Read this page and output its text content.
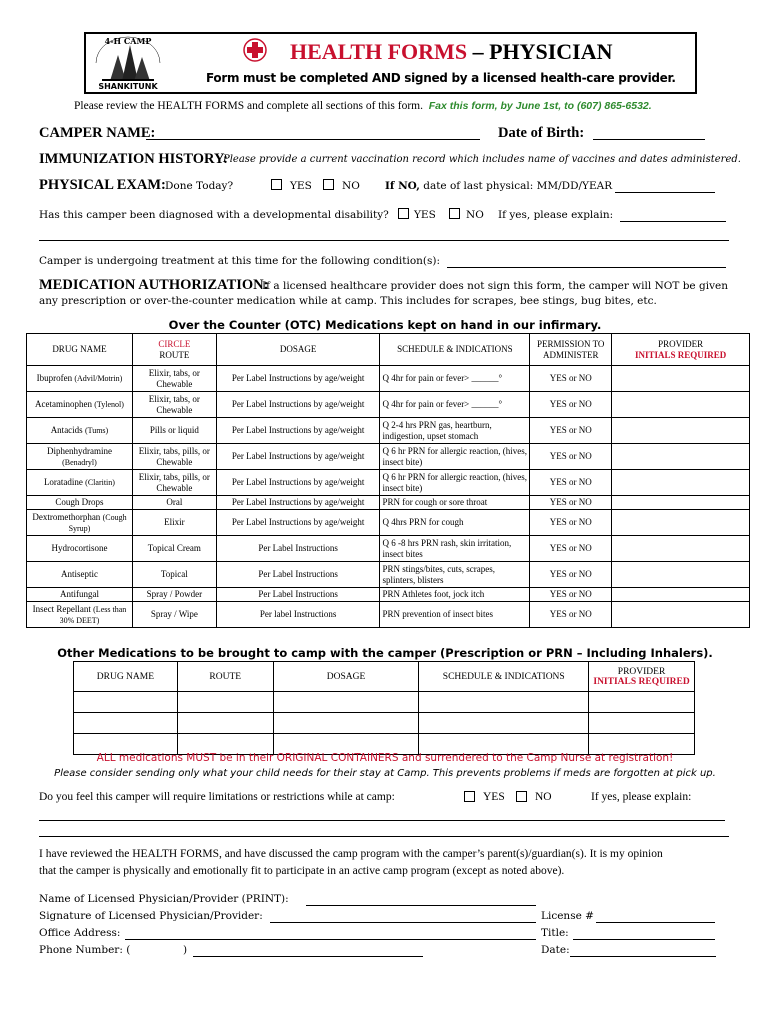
4-H CAMP
SHANKITUNK
HEALTH FORMS – PHYSICIAN
Form must be completed AND signed by a licensed health-care provider.
Please review the HEALTH FORMS and complete all sections of this form. Fax this form, by June 1st, to (607) 865-6532.
CAMPER NAME:	Date of Birth:
IMMUNIZATION HISTORY:
Please provide a current vaccination record which includes name of vaccines and dates administered.
PHYSICAL EXAM: Done Today?	YES	NO If NO, date of last physical: MM/DD/YEAR
Has this camper been diagnosed with a developmental disability? YES	NO If yes, please explain:
Camper is undergoing treatment at this time for the following condition(s):
MEDICATION AUTHORIZATION:
If a licensed healthcare provider does not sign this form, the camper will NOT be given
any prescription or over-the-counter medication while at camp. This includes for scrapes, bee stings, bug bites, etc.
Over the Counter (OTC) Medications kept on hand in our infirmary.
DRUG NAME	CIRCLE
ROUTE	DOSAGE	SCHEDULE & INDICATIONS	PERMISSION TO ADMINISTER	PROVIDER
INITIALS REQUIRED
Ibuprofen (Advil/Motrin)	Elixir, tabs, or Chewable	Per Label Instructions by age/weight	Q 4hr for pain or fever> ______°	YES or NO	
Acetaminophen (Tylenol)	Elixir, tabs, or Chewable	Per Label Instructions by age/weight	Q 4hr for pain or fever> ______°	YES or NO	
Antacids (Tums)	Pills or liquid	Per Label Instructions by age/weight	Q 2-4 hrs PRN gas, heartburn, indigestion, upset stomach	YES or NO	
Diphenhydramine (Benadryl)	Elixir, tabs, pills, or Chewable	Per Label Instructions by age/weight	Q 6 hr PRN for allergic reaction, (hives, insect bite)	YES or NO	
Loratadine (Claritin)	Elixir, tabs, pills, or Chewable	Per Label Instructions by age/weight	Q 6 hr PRN for allergic reaction, (hives, insect bite)	YES or NO	
Cough Drops	Oral	Per Label Instructions by age/weight	PRN for cough or sore throat	YES or NO	
Dextromethorphan (Cough Syrup)	Elixir	Per Label Instructions by age/weight	Q 4hrs PRN for cough	YES or NO	
Hydrocortisone	Topical Cream	Per Label Instructions	Q 6 -8 hrs PRN rash, skin irritation, insect bites	YES or NO	
Antiseptic	Topical	Per Label Instructions	PRN stings/bites, cuts, scrapes, splinters, blisters	YES or NO	
Antifungal	Spray / Powder	Per Label Instructions	PRN Athletes foot, jock itch	YES or NO	
Insect Repellant (Less than 30% DEET)	Spray / Wipe	Per label Instructions	PRN prevention of insect bites	YES or NO	
Other Medications to be brought to camp with the camper (Prescription or PRN – Including Inhalers).
DRUG NAME	ROUTE	DOSAGE	SCHEDULE & INDICATIONS	PROVIDER
INITIALS REQUIRED

ALL medications MUST be in their ORIGINAL CONTAINERS and surrendered to the Camp Nurse at registration!
Please consider sending only what your child needs for their stay at Camp. This prevents problems if meds are forgotten at pick up.
Do you feel this camper will require limitations or restrictions while at camp:	YES	NO	If yes, please explain:
I have reviewed the HEALTH FORMS, and have discussed the camp program with the camper’s parent(s)/guardian(s). It is my opinion
that the camper is physically and emotionally fit to participate in an active camp program (except as noted above).
Name of Licensed Physician/Provider (PRINT):
Signature of Licensed Physician/Provider:	License #
Office Address:	Title:
Phone Number: (	)	Date:
